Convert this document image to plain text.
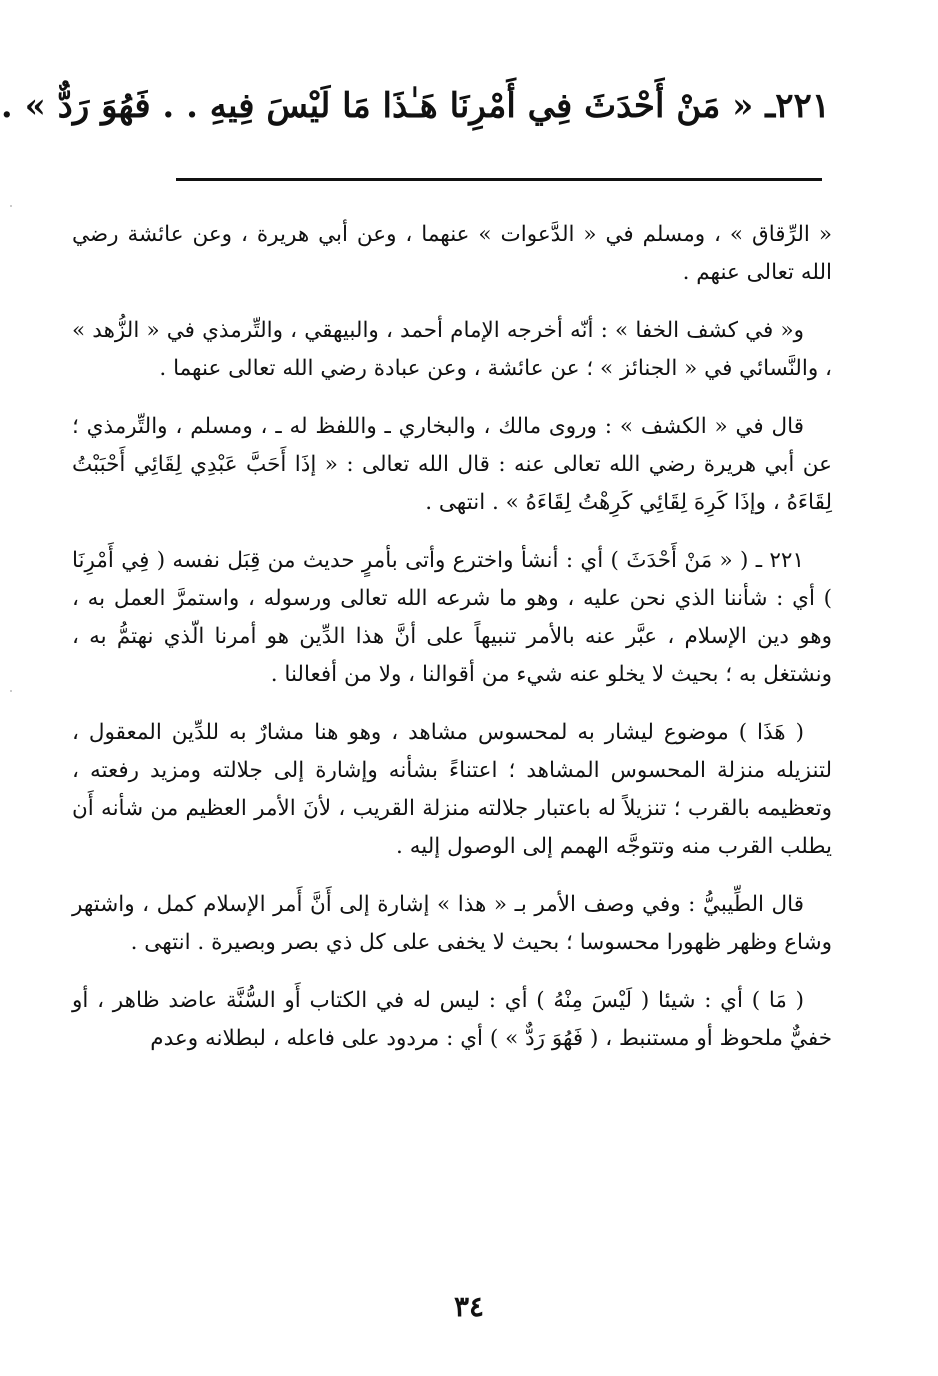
٢٢١ـ « مَنْ أَحْدَثَ فِي أَمْرِنَا هَـٰذَا مَا لَيْسَ فِيهِ . . فَهُوَ رَدٌّ » .

« الرِّقاق » ، ومسلم في « الدَّعوات » عنهما ، وعن أبي هريرة ، وعن عائشة رضي الله تعالى عنهم .

و« في كشف الخفا » : أنّه أخرجه الإمام أحمد ، والبيهقي ، والتِّرمذي في « الزُّهد » ، والنَّسائي في « الجنائز » ؛ عن عائشة ، وعن عبادة رضي الله تعالى عنهما .

قال في « الكشف » : وروى مالك ، والبخاري ـ واللفظ له ـ ، ومسلم ، والتِّرمذي ؛ عن أبي هريرة رضي الله تعالى عنه : قال الله تعالى : « إذَا أَحَبَّ عَبْدِي لِقَائِي أَحْبَبْتُ لِقَاءَهُ ، وإذَا كَرِهَ لِقَائِي كَرِهْتُ لِقَاءَهُ » . انتهى .

٢٢١ ـ ( « مَنْ أَحْدَثَ ) أي : أنشأ واخترع وأتى بأمرٍ حديث من قِبَل نفسه ( فِي أَمْرِنَا ) أي : شأننا الذي نحن عليه ، وهو ما شرعه الله تعالى ورسوله ، واستمرَّ العمل به ، وهو دين الإسلام ، عبَّر عنه بالأمر تنبيهاً على أنَّ هذا الدِّين هو أمرنا الّذي نهتمُّ به ، ونشتغل به ؛ بحيث لا يخلو عنه شيء من أقوالنا ، ولا من أفعالنا .

( هَذَا ) موضوع ليشار به لمحسوس مشاهد ، وهو هنا مشارٌ به للدِّين المعقول ، لتنزيله منزلة المحسوس المشاهد ؛ اعتناءً بشأنه وإشارة إلى جلالته ومزيد رفعته ، وتعظيمه بالقرب ؛ تنزيلاً له باعتبار جلالته منزلة القريب ، لأنَ الأمر العظيم من شأنه أَن يطلب القرب منه وتتوجَّه الهمم إلى الوصول إليه .

قال الطِّيبيُّ : وفي وصف الأمر بـ « هذا » إشارة إلى أَنَّ أَمر الإسلام كمل ، واشتهر وشاع وظهر ظهورا محسوسا ؛ بحيث لا يخفى على كل ذي بصر وبصيرة . انتهى .

( مَا ) أي : شيئا ( لَيْسَ مِنْهُ ) أي : ليس له في الكتاب أَو السُّنَّة عاضد ظاهر ، أو خفيٌّ ملحوظ أو مستنبط ، ( فَهُوَ رَدٌّ » ) أي : مردود على فاعله ، لبطلانه وعدم

٣٤
